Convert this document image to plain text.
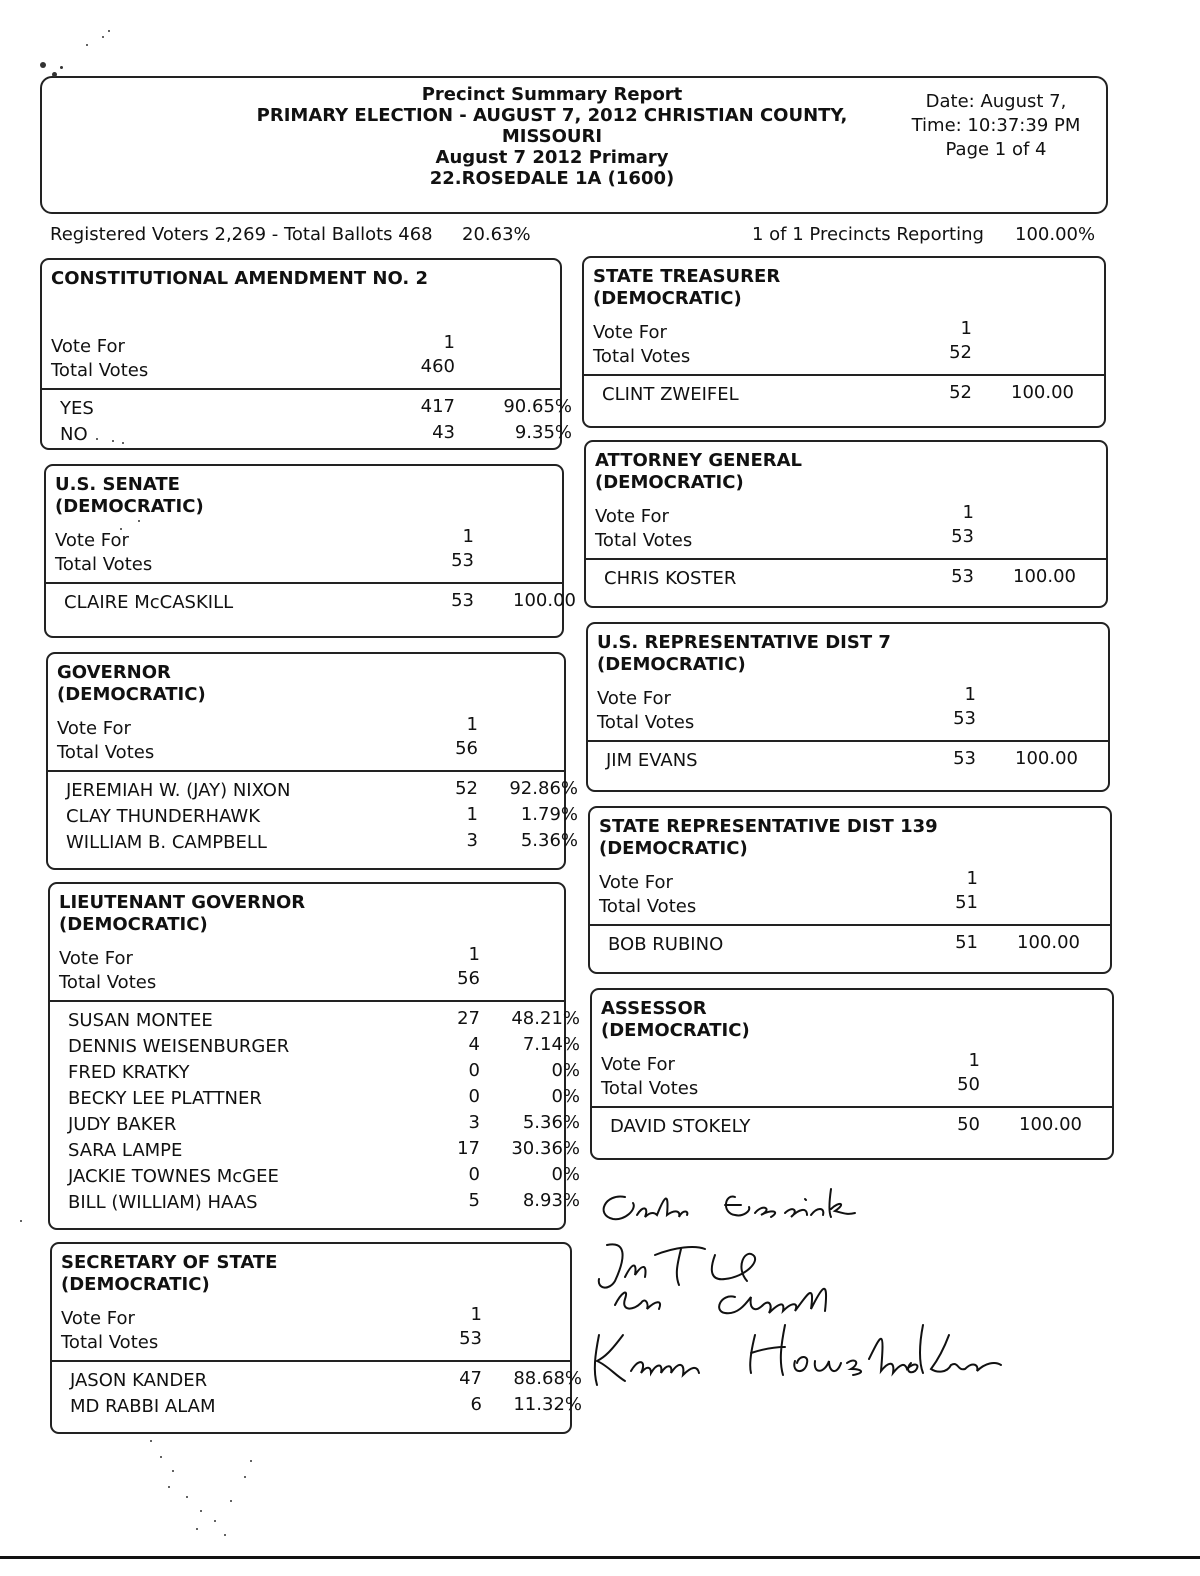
Precinct Summary Report
PRIMARY ELECTION - AUGUST 7, 2012 CHRISTIAN COUNTY,
MISSOURI
August 7 2012 Primary
22.ROSEDALE 1A (1600)
Date: August 7,
Time: 10:37:39 PM
Page 1 of 4
Registered Voters 2,269 - Total Ballots 468 20.63%	1 of 1 Precincts Reporting 100.00%
CONSTITUTIONAL AMENDMENT NO. 2
Vote For	1
Total Votes	460
YES	417	90.65%
NO	43	9.35%
U.S. SENATE
(DEMOCRATIC)
Vote For	1
Total Votes	53
CLAIRE McCASKILL	53	100.00
GOVERNOR
(DEMOCRATIC)
Vote For	1
Total Votes	56
JEREMIAH W. (JAY) NIXON	52	92.86%
CLAY THUNDERHAWK	1	1.79%
WILLIAM B. CAMPBELL	3	5.36%
LIEUTENANT GOVERNOR
(DEMOCRATIC)
Vote For	1
Total Votes	56
SUSAN MONTEE	27	48.21%
DENNIS WEISENBURGER	4	7.14%
FRED KRATKY	0	0%
BECKY LEE PLATTNER	0	0%
JUDY BAKER	3	5.36%
SARA LAMPE	17	30.36%
JACKIE TOWNES McGEE	0	0%
BILL (WILLIAM) HAAS	5	8.93%
SECRETARY OF STATE
(DEMOCRATIC)
Vote For	1
Total Votes	53
JASON KANDER	47	88.68%
MD RABBI ALAM	6	11.32%
STATE TREASURER
(DEMOCRATIC)
Vote For	1
Total Votes	52
CLINT ZWEIFEL	52	100.00
ATTORNEY GENERAL
(DEMOCRATIC)
Vote For	1
Total Votes	53
CHRIS KOSTER	53	100.00
U.S. REPRESENTATIVE DIST 7
(DEMOCRATIC)
Vote For	1
Total Votes	53
JIM EVANS	53	100.00
STATE REPRESENTATIVE DIST 139
(DEMOCRATIC)
Vote For	1
Total Votes	51
BOB RUBINO	51	100.00
ASSESSOR
(DEMOCRATIC)
Vote For	1
Total Votes	50
DAVID STOKELY	50	100.00
